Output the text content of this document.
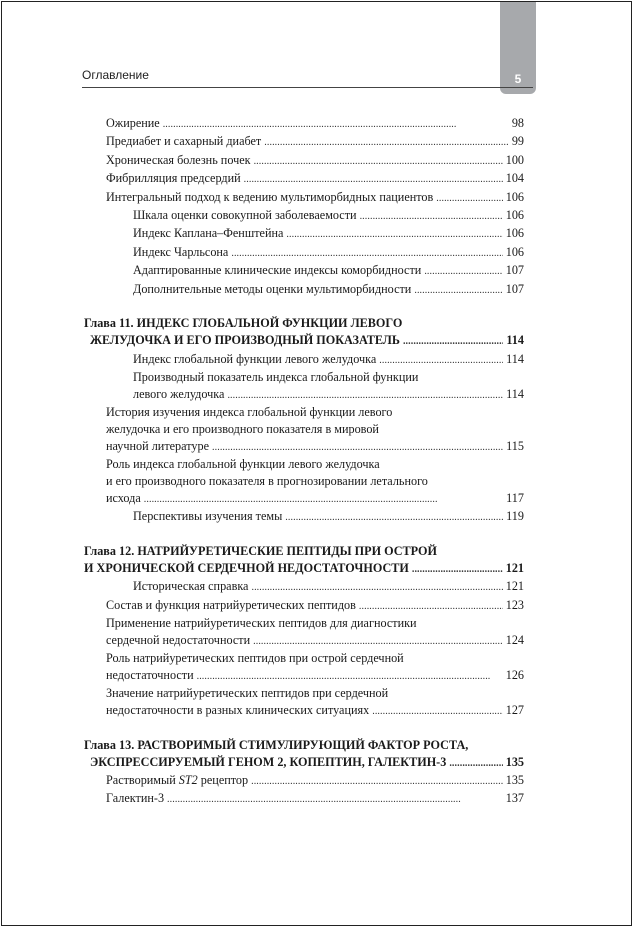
5
Оглавление
Ожирение . . .	98
Предиабет и сахарный диабет . . .	99
Хроническая болезнь почек . . .	100
Фибрилляция предсердий . . .	104
Интегральный подход к ведению мультиморбидных пациентов . . .	106
Шкала оценки совокупной заболеваемости . . .	106
Индекс Каплана–Фенштейна . . .	106
Индекс Чарльсона . . .	106
Адаптированные клинические индексы коморбидности . . .	107
Дополнительные методы оценки мультиморбидности . . .	107
Глава 11. ИНДЕКС ГЛОБАЛЬНОЙ ФУНКЦИИ ЛЕВОГО
ЖЕЛУДОЧКА И ЕГО ПРОИЗВОДНЫЙ ПОКАЗАТЕЛЬ . . .	114
Индекс глобальной функции левого желудочка . . .	114
Производный показатель индекса глобальной функции
левого желудочка . . .	114
История изучения индекса глобальной функции левого
желудочка и его производного показателя в мировой
научной литературе . . .	115
Роль индекса глобальной функции левого желудочка
и его производного показателя в прогнозировании летального
исхода . . .	117
Перспективы изучения темы . . .	119
Глава 12. НАТРИЙУРЕТИЧЕСКИЕ ПЕПТИДЫ ПРИ ОСТРОЙ
И ХРОНИЧЕСКОЙ СЕРДЕЧНОЙ НЕДОСТАТОЧНОСТИ . . .	121
Историческая справка . . .	121
Состав и функция натрийуретических пептидов . . .	123
Применение натрийуретических пептидов для диагностики
сердечной недостаточности . . .	124
Роль натрийуретических пептидов при острой сердечной
недостаточности . . .	126
Значение натрийуретических пептидов при сердечной
недостаточности в разных клинических ситуациях . . .	127
Глава 13. РАСТВОРИМЫЙ СТИМУЛИРУЮЩИЙ ФАКТОР РОСТА,
ЭКСПРЕССИРУЕМЫЙ ГЕНОМ 2, КОПЕПТИН, ГАЛЕКТИН-3 . . .	135
Растворимый ST2 рецептор . . .	135
Галектин-3 . . .	137
